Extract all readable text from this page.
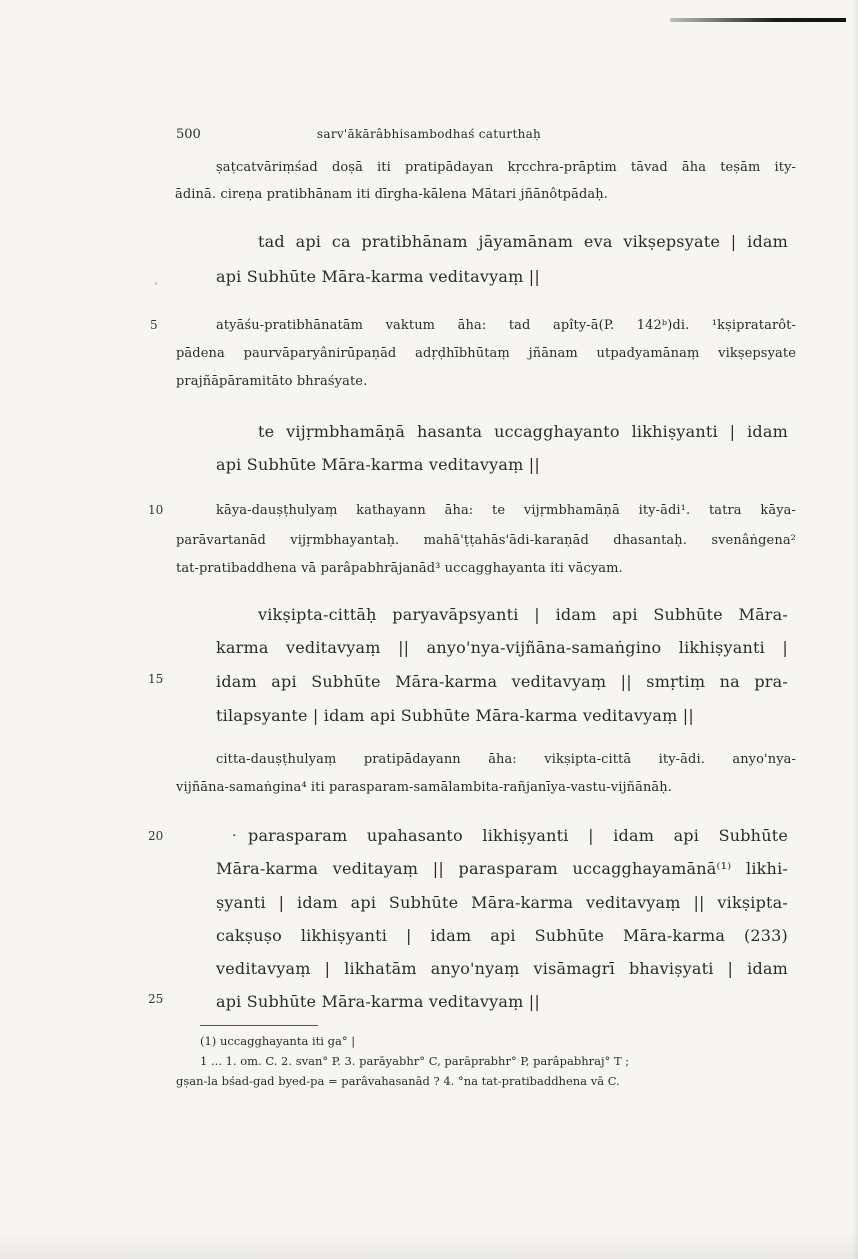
500	sarv'ākārâbhisambodhaś caturthaḥ
ṣaṭcatvāriṃśad doṣā iti pratipādayan kṛcchra-prāptim tāvad āha teṣām ity-
ādinā. cireṇa pratibhānam iti dīrgha-kālena Mātari jñānôtpādaḥ.
tad api ca pratibhānam jāyamānam eva vikṣepsyate | idam
api Subhūte Māra-karma veditavyaṃ ||
ʼ
5	atyāśu-pratibhānatām vaktum āha: tad apîty-ā(P. 142ᵇ)di. ¹kṣipratarôt-
pādena paurvāparyânirūpaṇād adṛḍhībhūtaṃ jñānam utpadyamānaṃ vikṣepsyate
prajñāpāramitāto bhraśyate.
te vijṛmbhamāṇā hasanta uccagghayanto likhiṣyanti | idam
api Subhūte Māra-karma veditavyaṃ ||
10	kāya-dauṣṭhulyaṃ kathayann āha: te vijṛmbhamāṇā ity-ādi¹. tatra kāya-
parāvartanād vijṛmbhayantaḥ. mahā'ṭṭahās'ādi-karaṇād dhasantaḥ. svenâṅgena²
tat-pratibaddhena vā parâpabhrājanād³ uccagghayanta iti vācyam.
vikṣipta-cittāḥ paryavāpsyanti | idam api Subhūte Māra-
karma veditavyaṃ || anyo'nya-vijñāna-samaṅgino likhiṣyanti |
15	idam api Subhūte Māra-karma veditavyaṃ || smṛtiṃ na pra-
tilapsyante | idam api Subhūte Māra-karma veditavyaṃ ||
citta-dauṣṭhulyaṃ pratipādayann āha: vikṣipta-cittā ity-ādi. anyo'nya-
vijñāna-samaṅgina⁴ iti parasparam-samālambita-rañjanīya-vastu-vijñānāḥ.
20	parasparam upahasanto likhiṣyanti | idam api Subhūte
·
Māra-karma veditayaṃ || parasparam uccagghayamānā⁽¹⁾ likhi-
ṣyanti | idam api Subhūte Māra-karma veditavyaṃ || vikṣipta-
cakṣuṣo likhiṣyanti | idam api Subhūte Māra-karma (233)
veditavyaṃ | likhatām anyo'nyaṃ visāmagrī bhaviṣyati | idam
25	api Subhūte Māra-karma veditavyaṃ ||
(1) uccagghayanta iti ga° |
1 ... 1. om. C. 2. svan° P. 3. parāyabhr° C, parāprabhr° P, parâpabhraj° T ;
gṣan-la bśad-gad byed-pa = parâvahasanād ? 4. °na tat-pratibaddhena vā C.
